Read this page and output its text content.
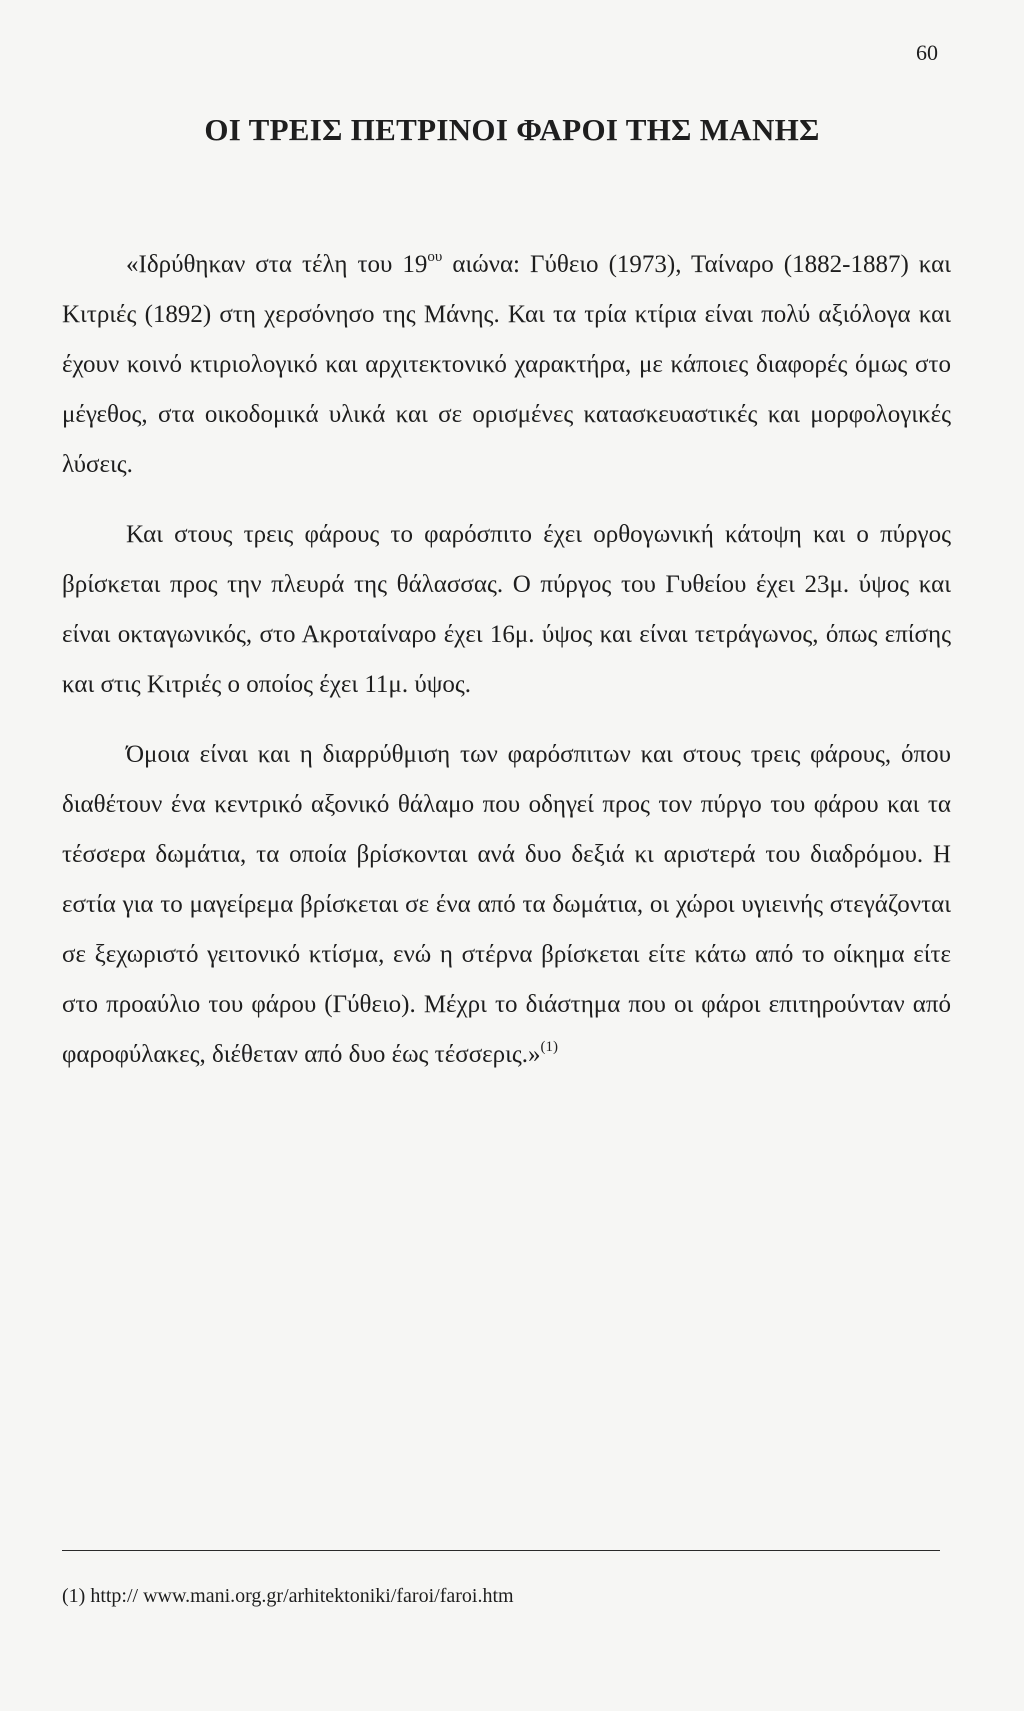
60
ΟΙ ΤΡΕΙΣ ΠΕΤΡΙΝΟΙ ΦΑΡΟΙ ΤΗΣ ΜΑΝΗΣ

«Ιδρύθηκαν στα τέλη του $19^{o\upsilon}$ αιώνα: Γύθειο (1973), Ταίναρο (1882-1887) και Κιτριές (1892) στη χερσόνησο της Μάνης. Και τα τρία κτίρια είναι πολύ αξιόλογα και έχουν κοινό κτιριολογικό και αρχιτεκτονικό χαρακτήρα, με κάποιες διαφορές όμως στο μέγεθος, στα οικοδομικά υλικά και σε ορισμένες κατασκευαστικές και μορφολογικές λύσεις.

Και στους τρεις φάρους το φαρόσπιτο έχει ορθογωνική κάτοψη και ο πύργος βρίσκεται προς την πλευρά της θάλασσας. Ο πύργος του Γυθείου έχει 23μ. ύψος και είναι οκταγωνικός, στο Ακροταίναρο έχει 16μ. ύψος και είναι τετράγωνος, όπως επίσης και στις Κιτριές ο οποίος έχει 11μ. ύψος.

Όμοια είναι και η διαρρύθμιση των φαρόσπιτων και στους τρεις φάρους, όπου διαθέτουν ένα κεντρικό αξονικό θάλαμο που οδηγεί προς τον πύργο του φάρου και τα τέσσερα δωμάτια, τα οποία βρίσκονται ανά δυο δεξιά κι αριστερά του διαδρόμου. Η εστία για το μαγείρεμα βρίσκεται σε ένα από τα δωμάτια, οι χώροι υγιεινής στεγάζονται σε ξεχωριστό γειτονικό κτίσμα, ενώ η στέρνα βρίσκεται είτε κάτω από το οίκημα είτε στο προαύλιο του φάρου (Γύθειο). Μέχρι το διάστημα που οι φάροι επιτηρούνταν από φαροφύλακες, διέθεταν από δυο έως τέσσερις.»$^{(1)}$

(1) http:// www.mani.org.gr/arhitektoniki/faroi/faroi.htm
